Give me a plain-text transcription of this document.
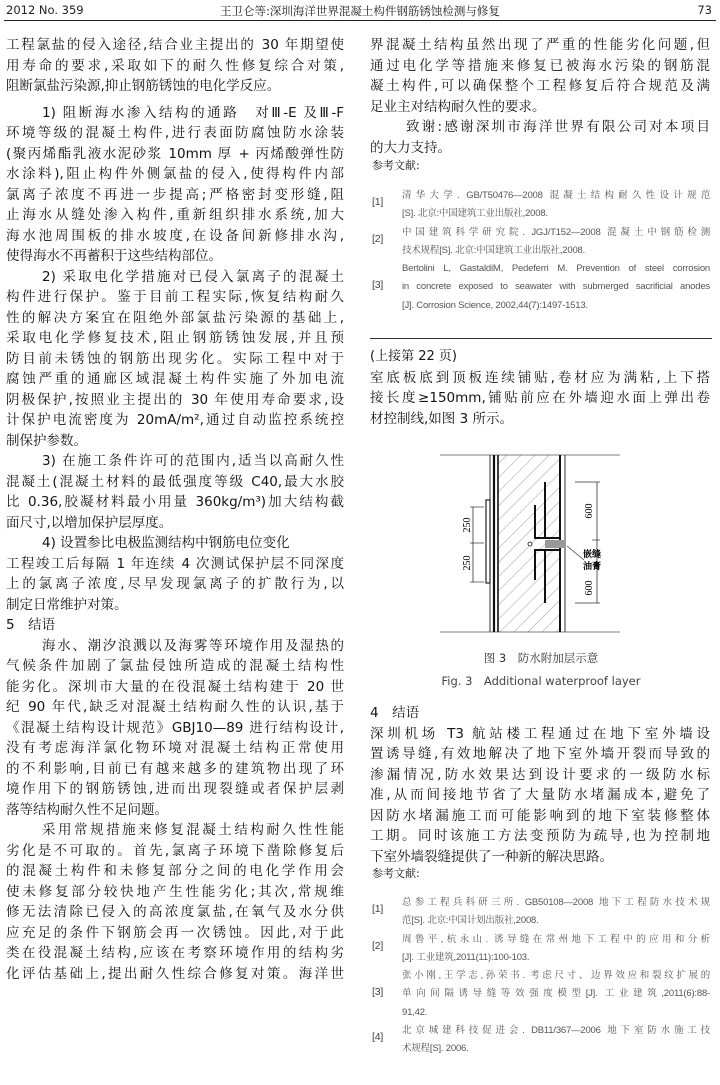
2012 No. 359	王卫仑等:深圳海洋世界混凝土构件钢筋锈蚀检测与修复	73
工程氯盐的侵入途径,结合业主提出的 30 年期望使
用寿命的要求,采取如下的耐久性修复综合对策,
阻断氯盐污染源,抑止钢筋锈蚀的电化学反应。
1) 阻断海水渗入结构的通路　对Ⅲ-E 及Ⅲ-F
环境等级的混凝土构件,进行表面防腐蚀防水涂装
(聚丙烯酯乳液水泥砂浆 10mm 厚 + 丙烯酸弹性防
水涂料),阻止构件外侧氯盐的侵入,使得构件内部
氯离子浓度不再进一步提高;严格密封变形缝,阻
止海水从缝处渗入构件,重新组织排水系统,加大
海水池周围板的排水坡度,在设备间新修排水沟,
使得海水不再蓄积于这些结构部位。
2) 采取电化学措施对已侵入氯离子的混凝土
构件进行保护。鉴于目前工程实际,恢复结构耐久
性的解决方案宜在阻绝外部氯盐污染源的基础上,
采取电化学修复技术,阻止钢筋锈蚀发展,并且预
防目前未锈蚀的钢筋出现劣化。实际工程中对于
腐蚀严重的通廊区域混凝土构件实施了外加电流
阴极保护,按照业主提出的 30 年使用寿命要求,设
计保护电流密度为 20mA/m²,通过自动监控系统控
制保护参数。
3) 在施工条件许可的范围内,适当以高耐久性
混凝土(混凝土材料的最低强度等级 C40,最大水胶
比 0.36,胶凝材料最小用量 360kg/m³)加大结构截
面尺寸,以增加保护层厚度。
4) 设置参比电极监测结构中钢筋电位变化
工程竣工后每隔 1 年连续 4 次测试保护层不同深度
上的氯离子浓度,尽早发现氯离子的扩散行为,以
制定日常维护对策。
5　结语
海水、潮汐浪溅以及海雾等环境作用及湿热的
气候条件加剧了氯盐侵蚀所造成的混凝土结构性
能劣化。深圳市大量的在役混凝土结构建于 20 世
纪 90 年代,缺乏对混凝土结构耐久性的认识,基于
《混凝土结构设计规范》GBJ10—89 进行结构设计,
没有考虑海洋氯化物环境对混凝土结构正常使用
的不利影响,目前已有越来越多的建筑物出现了环
境作用下的钢筋锈蚀,进而出现裂缝或者保护层剥
落等结构耐久性不足问题。
采用常规措施来修复混凝土结构耐久性性能
劣化是不可取的。首先,氯离子环境下凿除修复后
的混凝土构件和未修复部分之间的电化学作用会
使未修复部分较快地产生性能劣化;其次,常规维
修无法清除已侵入的高浓度氯盐,在氧气及水分供
应充足的条件下钢筋会再一次锈蚀。因此,对于此
类在役混凝土结构,应该在考察环境作用的结构劣
化评估基础上,提出耐久性综合修复对策。海洋世
界混凝土结构虽然出现了严重的性能劣化问题,但
通过电化学等措施来修复已被海水污染的钢筋混
凝土构件,可以确保整个工程修复后符合规范及满
足业主对结构耐久性的要求。
致谢:感谢深圳市海洋世界有限公司对本项目
的大力支持。
参考文献:
[1]
清华大学. GB/T50476—2008 混凝土结构耐久性设计规范
[S]. 北京:中国建筑工业出版社,2008.
[2]
中国建筑科学研究院. JGJ/T152—2008 混凝土中钢筋检测
技术规程[S]. 北京:中国建筑工业出版社,2008.
[3]
Bertolini L, GastaldiM, Pedeferri M. Prevention of steel corrosion
in concrete exposed to seawater with submerged sacrificial anodes
[J]. Corrosion Science, 2002,44(7):1497-1513.
(上接第 22 页)
室底板底到顶板连续铺贴,卷材应为满粘,上下搭
接长度≥150mm,铺贴前应在外墙迎水面上弹出卷
材控制线,如图 3 所示。
600
600
250
250
嵌缝
油膏
图 3　防水附加层示意
Fig. 3　Additional waterproof layer
4　结语
深圳机场 T3 航站楼工程通过在地下室外墙设
置诱导缝,有效地解决了地下室外墙开裂而导致的
渗漏情况,防水效果达到设计要求的一级防水标
准,从而间接地节省了大量防水堵漏成本,避免了
因防水堵漏施工而可能影响到的地下室装修整体
工期。同时该施工方法变预防为疏导,也为控制地
下室外墙裂缝提供了一种新的解决思路。
参考文献:
[1]
总参工程兵科研三所. GB50108—2008 地下工程防水技术规
范[S]. 北京:中国计划出版社,2008.
[2]
周鲁平,杭永山. 诱导缝在常州地下工程中的应用和分析
[J]. 工业建筑,2011(11):100-103.
[3]
张小刚,王学志,孙荣书. 考虑尺寸、边界效应和裂纹扩展的
单向间隔诱导缝等效强度模型[J]. 工业建筑,2011(6):88-
91,42.
[4]
北京城建科技促进会. DB11/367—2006 地下室防水施工技
术规程[S]. 2006.
